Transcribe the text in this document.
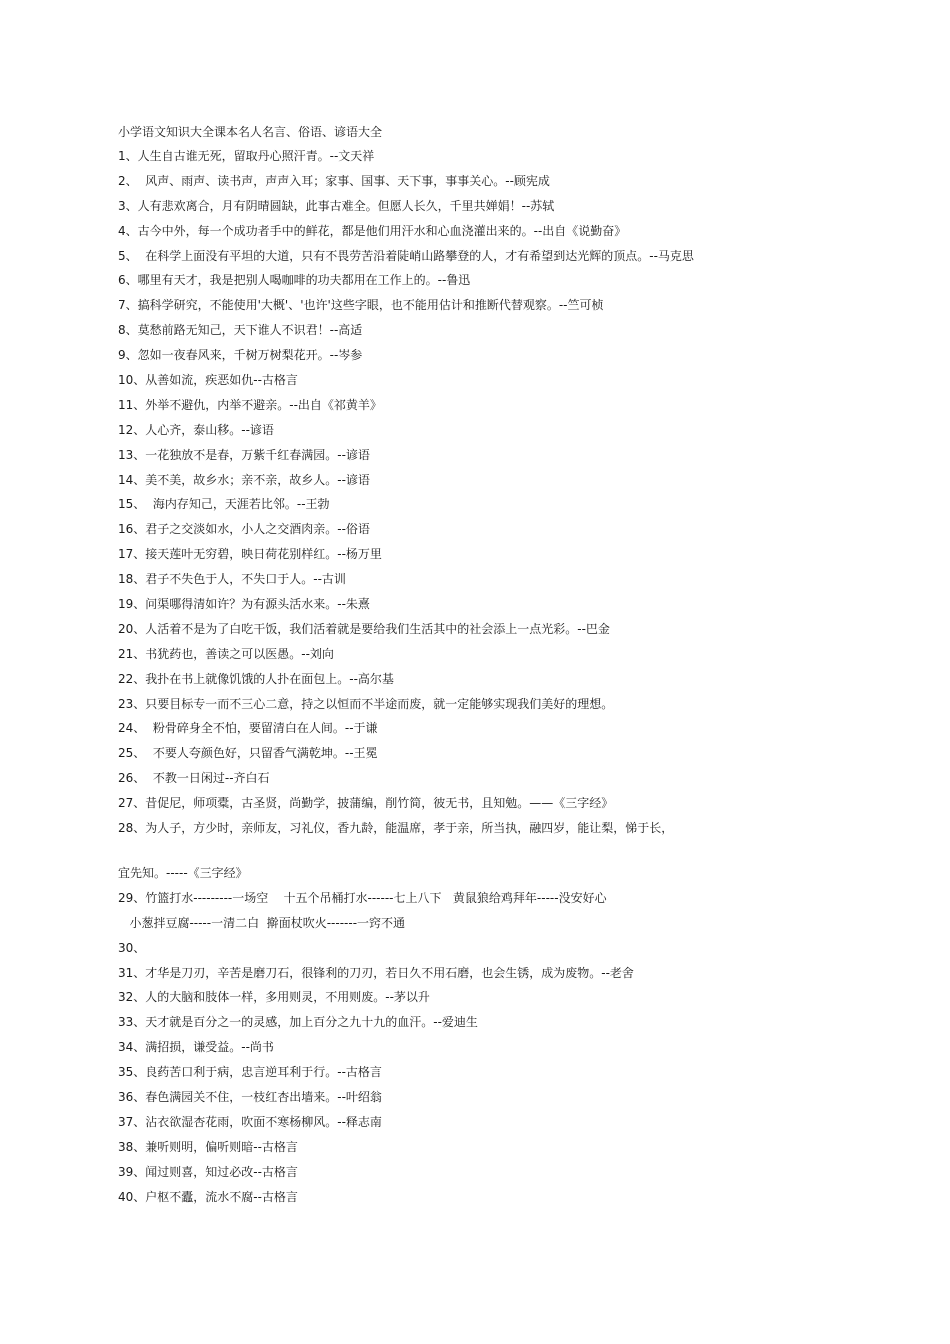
小学语文知识大全课本名人名言、俗语、谚语大全
1、人生自古谁无死，留取丹心照汗青。--文天祥
2、  风声、雨声、读书声，声声入耳；家事、国事、天下事，事事关心。--顾宪成
3、人有悲欢离合，月有阴晴圆缺，此事古难全。但愿人长久，千里共婵娟！--苏轼
4、古今中外，每一个成功者手中的鲜花，都是他们用汗水和心血浇灌出来的。--出自《说勤奋》
5、  在科学上面没有平坦的大道，只有不畏劳苦沿着陡峭山路攀登的人，才有希望到达光辉的顶点。--马克思
6、哪里有天才，我是把别人喝咖啡的功夫都用在工作上的。--鲁迅
7、搞科学研究，不能使用'大概'、'也许'这些字眼，也不能用估计和推断代替观察。--竺可桢
8、莫愁前路无知己，天下谁人不识君！--高适
9、忽如一夜春风来，千树万树梨花开。--岑参
10、从善如流，疾恶如仇--古格言
11、外举不避仇，内举不避亲。--出自《祁黄羊》
12、人心齐，泰山移。--谚语
13、一花独放不是春，万紫千红春满园。--谚语
14、美不美，故乡水；亲不亲，故乡人。--谚语
15、  海内存知己，天涯若比邻。--王勃
16、君子之交淡如水，小人之交酒肉亲。--俗语
17、接天莲叶无穷碧，映日荷花别样红。--杨万里
18、君子不失色于人，不失口于人。--古训
19、问渠哪得清如许？为有源头活水来。--朱熹
20、人活着不是为了白吃干饭，我们活着就是要给我们生活其中的社会添上一点光彩。--巴金
21、书犹药也，善读之可以医愚。--刘向
22、我扑在书上就像饥饿的人扑在面包上。--高尔基
23、只要目标专一而不三心二意，持之以恒而不半途而废，就一定能够实现我们美好的理想。
24、  粉骨碎身全不怕，要留清白在人间。--于谦
25、  不要人夸颜色好，只留香气满乾坤。--王冕
26、  不教一日闲过--齐白石
27、昔促尼，师项橐，古圣贤，尚勤学，披蒲编，削竹简，彼无书，且知勉。——《三字经》
28、为人子，方少时，亲师友，习礼仪，香九龄，能温席，孝于亲，所当执，融四岁，能让梨，悌于长，
宜先知。-----《三字经》
29、竹篮打水---------一场空    十五个吊桶打水------七上八下   黄鼠狼给鸡拜年-----没安好心
小葱拌豆腐-----一清二白  擀面杖吹火-------一窍不通
30、
31、才华是刀刃，辛苦是磨刀石，很锋利的刀刃，若日久不用石磨，也会生锈，成为废物。--老舍
32、人的大脑和肢体一样，多用则灵，不用则废。--茅以升
33、天才就是百分之一的灵感，加上百分之九十九的血汗。--爱迪生
34、满招损，谦受益。--尚书
35、良药苦口利于病，忠言逆耳利于行。--古格言
36、春色满园关不住，一枝红杏出墙来。--叶绍翁
37、沾衣欲湿杏花雨，吹面不寒杨柳风。--释志南
38、兼听则明，偏听则暗--古格言
39、闻过则喜，知过必改--古格言
40、户枢不蠹，流水不腐--古格言
